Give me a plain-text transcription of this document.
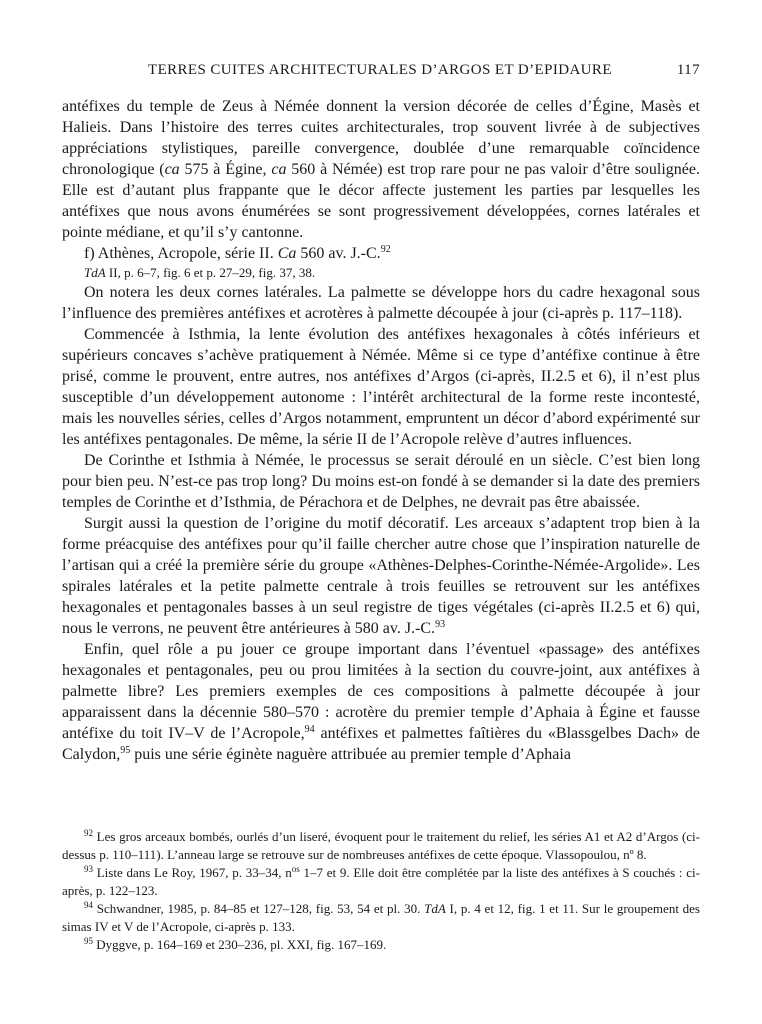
TERRES CUITES ARCHITECTURALES D’ARGOS ET D’EPIDAURE	117

antéfixes du temple de Zeus à Némée donnent la version décorée de celles d’Égine, Masès et Halieis. Dans l’histoire des terres cuites architecturales, trop souvent livrée à de subjectives appréciations stylistiques, pareille convergence, doublée d’une remarquable coïncidence chronologique (ca 575 à Égine, ca 560 à Némée) est trop rare pour ne pas valoir d’être soulignée. Elle est d’autant plus frappante que le décor affecte justement les parties par lesquelles les antéfixes que nous avons énumérées se sont progressivement développées, cornes latérales et pointe médiane, et qu’il s’y cantonne.

f) Athènes, Acropole, série II. Ca 560 av. J.-C.$^{92}$

TdA II, p. 6–7, fig. 6 et p. 27–29, fig. 37, 38.

On notera les deux cornes latérales. La palmette se développe hors du cadre hexagonal sous l’influence des premières antéfixes et acrotères à palmette découpée à jour (ci-après p. 117–118).

Commencée à Isthmia, la lente évolution des antéfixes hexagonales à côtés inférieurs et supérieurs concaves s’achève pratiquement à Némée. Même si ce type d’antéfixe continue à être prisé, comme le prouvent, entre autres, nos antéfixes d’Argos (ci-après, II.2.5 et 6), il n’est plus susceptible d’un développement autonome : l’intérêt architectural de la forme reste incontesté, mais les nouvelles séries, celles d’Argos notamment, empruntent un décor d’abord expérimenté sur les antéfixes pentagonales. De même, la série II de l’Acropole relève d’autres influences.

De Corinthe et Isthmia à Némée, le processus se serait déroulé en un siècle. C’est bien long pour bien peu. N’est-ce pas trop long? Du moins est-on fondé à se demander si la date des premiers temples de Corinthe et d’Isthmia, de Pérachora et de Delphes, ne devrait pas être abaissée.

Surgit aussi la question de l’origine du motif décoratif. Les arceaux s’adaptent trop bien à la forme préacquise des antéfixes pour qu’il faille chercher autre chose que l’inspiration naturelle de l’artisan qui a créé la première série du groupe «Athènes-Delphes-Corinthe-Némée-Argolide». Les spirales latérales et la petite palmette centrale à trois feuilles se retrouvent sur les antéfixes hexagonales et pentagonales basses à un seul registre de tiges végétales (ci-après II.2.5 et 6) qui, nous le verrons, ne peuvent être antérieures à 580 av. J.-C.$^{93}$

Enfin, quel rôle a pu jouer ce groupe important dans l’éventuel «passage» des antéfixes hexagonales et pentagonales, peu ou prou limitées à la section du couvre-joint, aux antéfixes à palmette libre? Les premiers exemples de ces compositions à palmette découpée à jour apparaissent dans la décennie 580–570 : acrotère du premier temple d’Aphaia à Égine et fausse antéfixe du toit IV–V de l’Acropole,$^{94}$ antéfixes et palmettes faîtières du «Blassgelbes Dach» de Calydon,$^{95}$ puis une série éginète naguère attribuée au premier temple d’Aphaia

$^{92}$ Les gros arceaux bombés, ourlés d’un liseré, évoquent pour le traitement du relief, les séries A1 et A2 d’Argos (ci-dessus p. 110–111). L’anneau large se retrouve sur de nombreuses antéfixes de cette époque. Vlassopoulou, nº 8.

$^{93}$ Liste dans Le Roy, 1967, p. 33–34, $n^{os}$ 1–7 et 9. Elle doit être complétée par la liste des antéfixes à S couchés : ci-après, p. 122–123.

$^{94}$ Schwandner, 1985, p. 84–85 et 127–128, fig. 53, 54 et pl. 30. TdA I, p. 4 et 12, fig. 1 et 11. Sur le groupement des simas IV et V de l’Acropole, ci-après p. 133.

$^{95}$ Dyggve, p. 164–169 et 230–236, pl. XXI, fig. 167–169.
